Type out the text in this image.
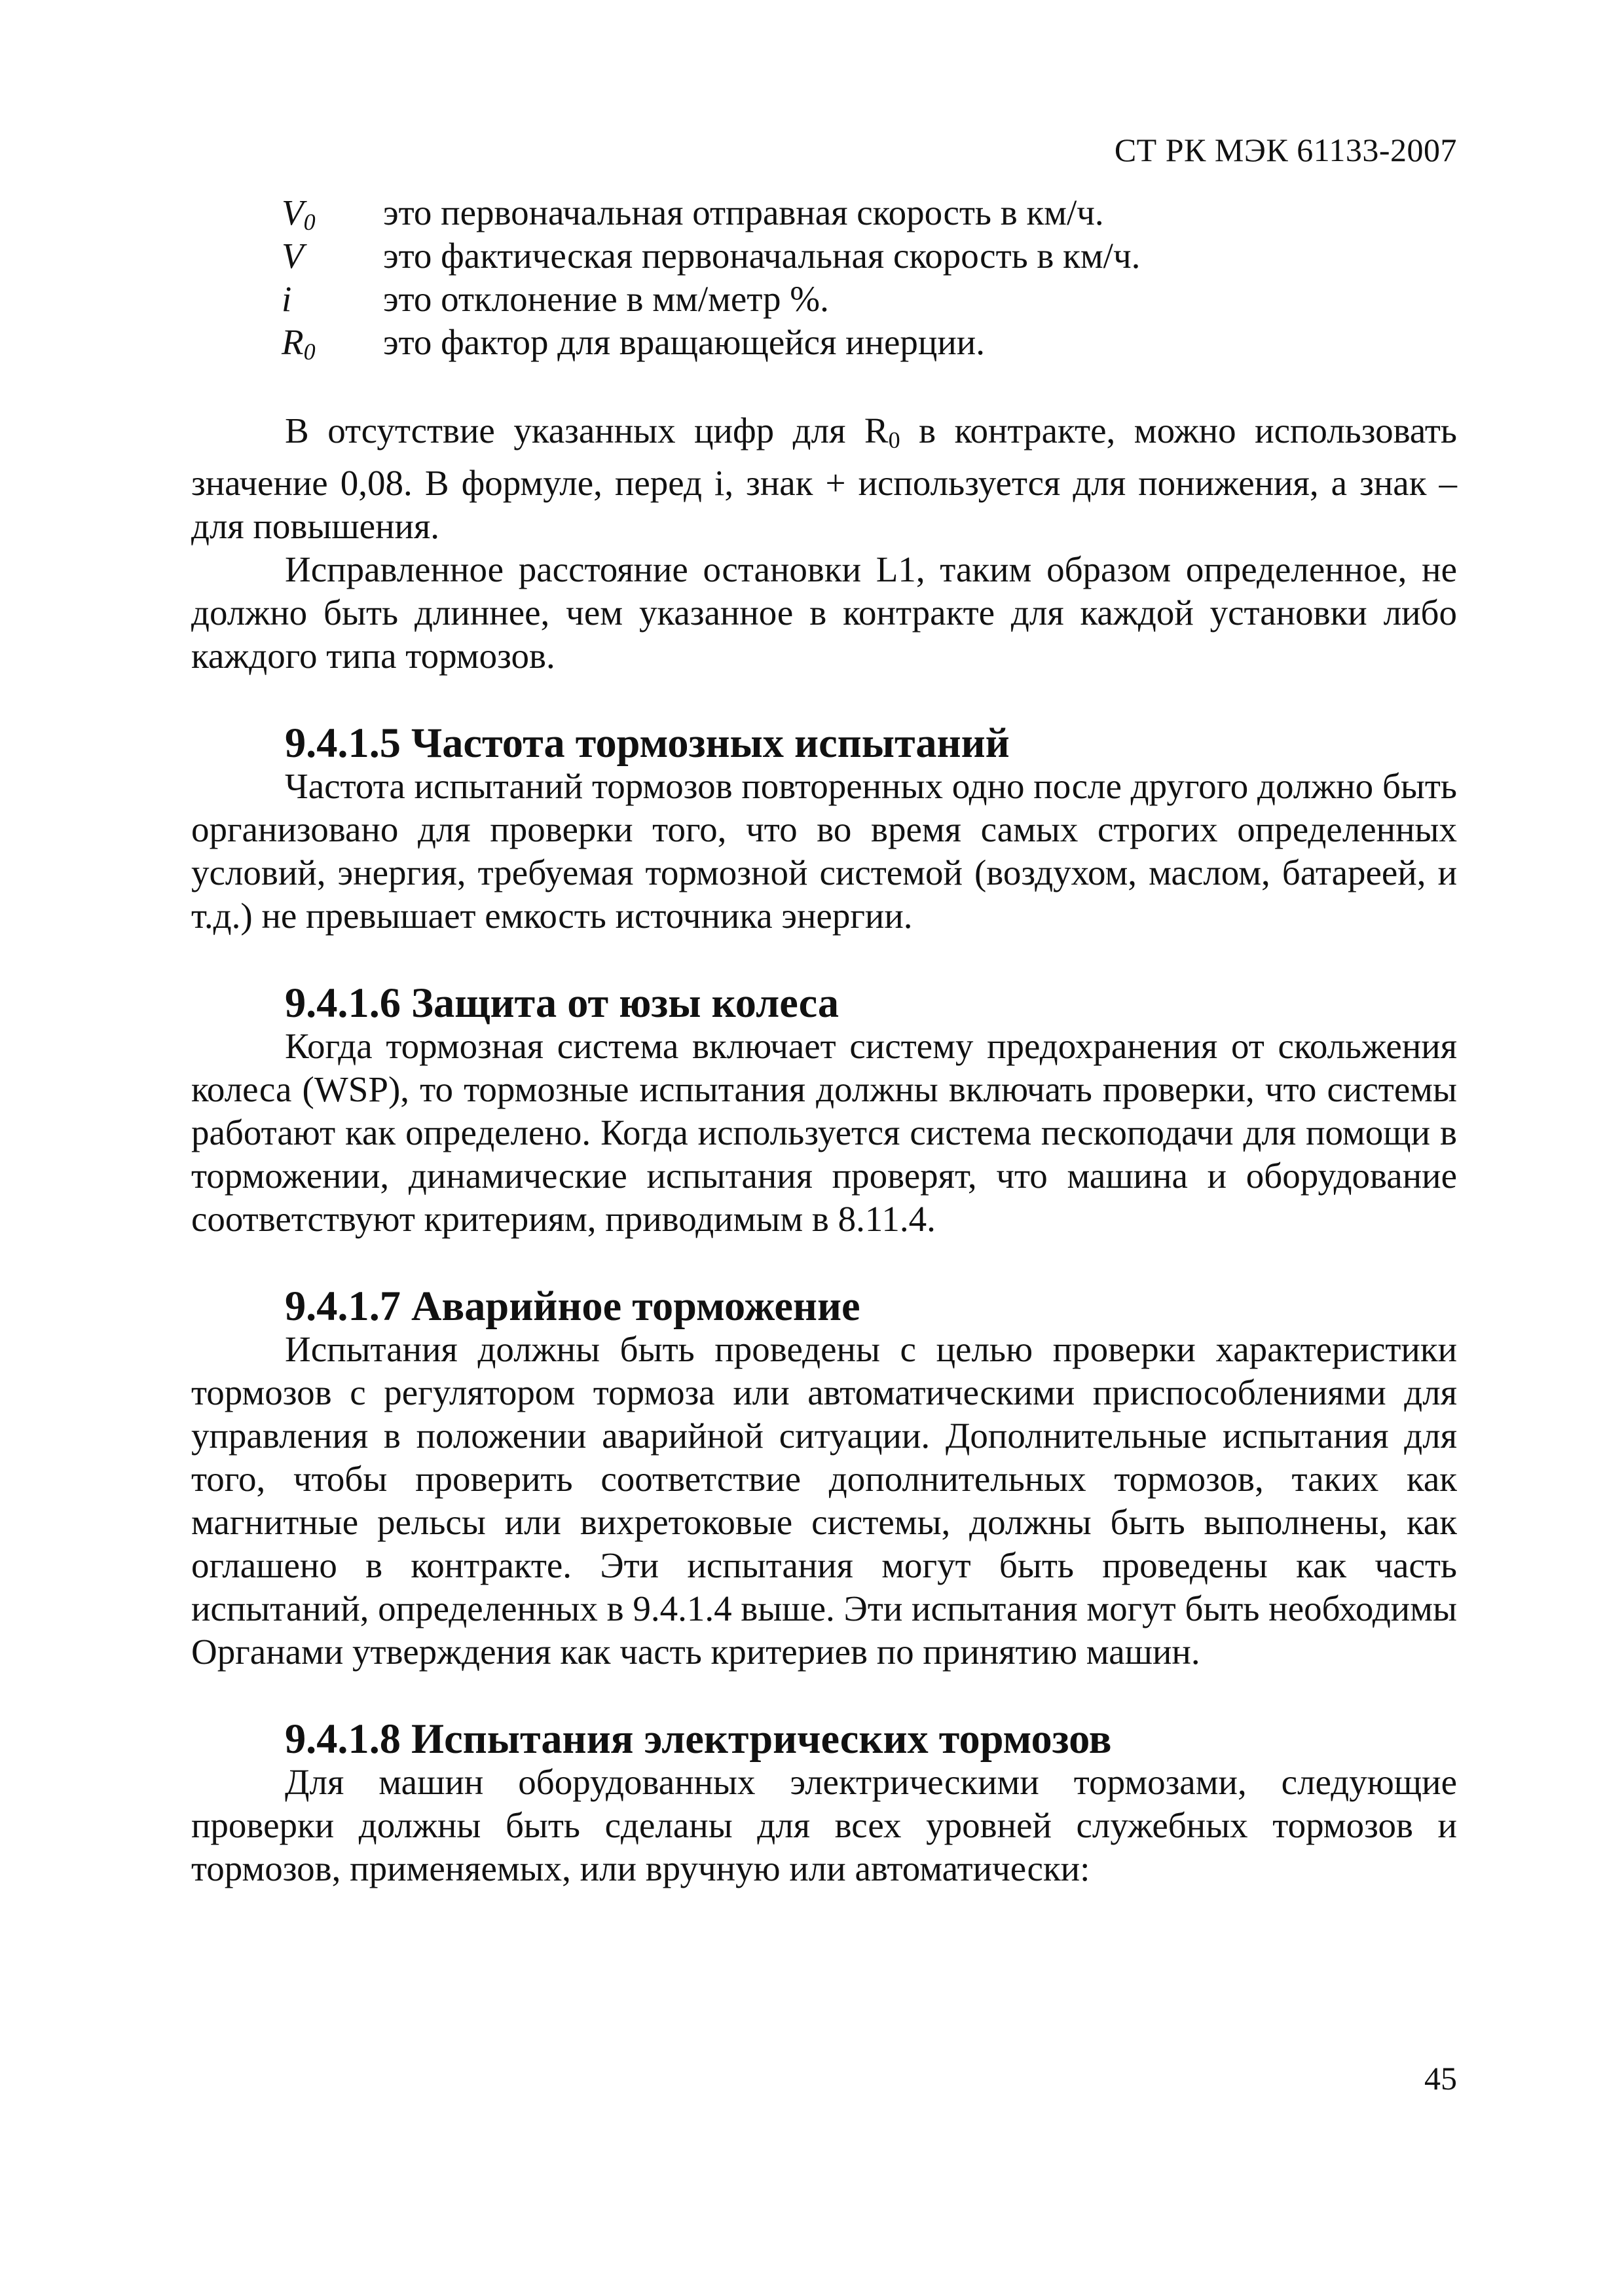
СТ РК МЭК 61133-2007
$V_0$ это первоначальная отправная скорость в км/ч.
V это фактическая первоначальная скорость в км/ч.
i	это отклонение в мм/метр %.
$R_0$ это фактор для вращающейся инерции.

В отсутствие указанных цифр для R0 в контракте, можно использовать значение 0,08. В формуле, перед i, знак + используется для понижения, а знак – для повышения.

Исправленное расстояние остановки L1, таким образом определенное, не должно быть длиннее, чем указанное в контракте для каждой установки либо каждого типа тормозов.

9.4.1.5 Частота тормозных испытаний

Частота испытаний тормозов повторенных одно после другого должно быть организовано для проверки того, что во время самых строгих определенных условий, энергия, требуемая тормозной системой (воздухом, маслом, батареей, и т.д.) не превышает емкость источника энергии.

9.4.1.6 Защита от юзы колеса

Когда тормозная система включает систему предохранения от скольжения колеса (WSP), то тормозные испытания должны включать проверки, что системы работают как определено. Когда используется система пескоподачи для помощи в торможении, динамические испытания проверят, что машина и оборудование соответствуют критериям, приводимым в 8.11.4.

9.4.1.7 Аварийное торможение

Испытания должны быть проведены с целью проверки характеристики тормозов с регулятором тормоза или автоматическими приспособлениями для управления в положении аварийной ситуации. Дополнительные испытания для того, чтобы проверить соответствие дополнительных тормозов, таких как магнитные рельсы или вихретоковые системы, должны быть выполнены, как оглашено в контракте. Эти испытания могут быть проведены как часть испытаний, определенных в 9.4.1.4 выше. Эти испытания могут быть необходимы Органами утверждения как часть критериев по принятию машин.

9.4.1.8 Испытания электрических тормозов

Для машин оборудованных электрическими тормозами, следующие проверки должны быть сделаны для всех уровней служебных тормозов и тормозов, применяемых, или вручную или автоматически:

45
